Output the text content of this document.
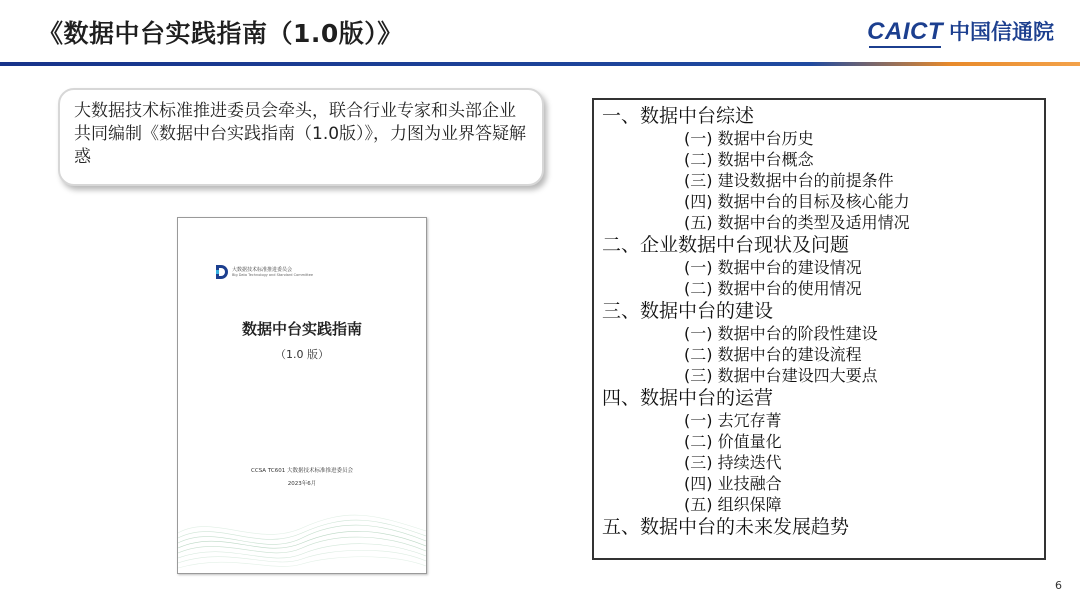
《数据中台实践指南（1.0版）》	CAICT 中国信通院
大数据技术标准推进委员会牵头，联合行业专家和头部企业共同编制《数据中台实践指南（1.0版）》，力图为业界答疑解惑
大数据技术标准推进委员会
Big Data Technology and Standard Committee
数据中台实践指南
（1.0 版）
CCSA TC601 大数据技术标准推进委员会
2023年6月
一、数据中台综述
(一) 数据中台历史
(二) 数据中台概念
(三) 建设数据中台的前提条件
(四) 数据中台的目标及核心能力
(五) 数据中台的类型及适用情况
二、企业数据中台现状及问题
(一) 数据中台的建设情况
(二) 数据中台的使用情况
三、数据中台的建设
(一) 数据中台的阶段性建设
(二) 数据中台的建设流程
(三) 数据中台建设四大要点
四、数据中台的运营
(一) 去冗存菁
(二) 价值量化
(三) 持续迭代
(四) 业技融合
(五) 组织保障
五、数据中台的未来发展趋势
6
